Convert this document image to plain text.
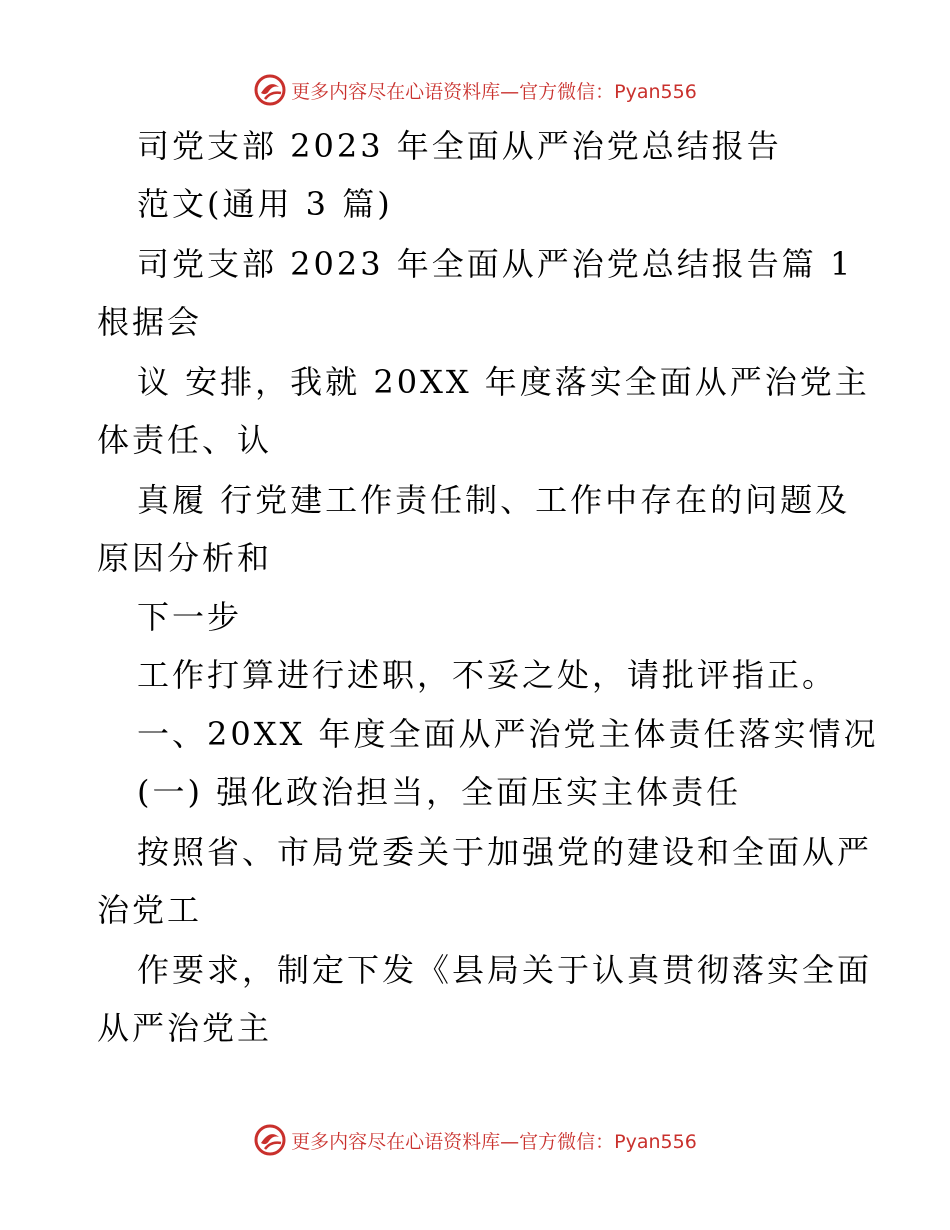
更多内容尽在心语资料库—官方微信：Pyan556
司党支部 2023 年全面从严治党总结报告
范文(通用 3 篇)
司党支部 2023 年全面从严治党总结报告篇 1
根据会
议 安排，我就 20XX 年度落实全面从严治党主
体责任、认
真履 行党建工作责任制、工作中存在的问题及
原因分析和
下一步
工作打算进行述职，不妥之处，请批评指正。
一、20XX 年度全面从严治党主体责任落实情况
(一) 强化政治担当，全面压实主体责任
按照省、市局党委关于加强党的建设和全面从严
治党工
作要求，制定下发《县局关于认真贯彻落实全面
从严治党主
更多内容尽在心语资料库—官方微信：Pyan556
